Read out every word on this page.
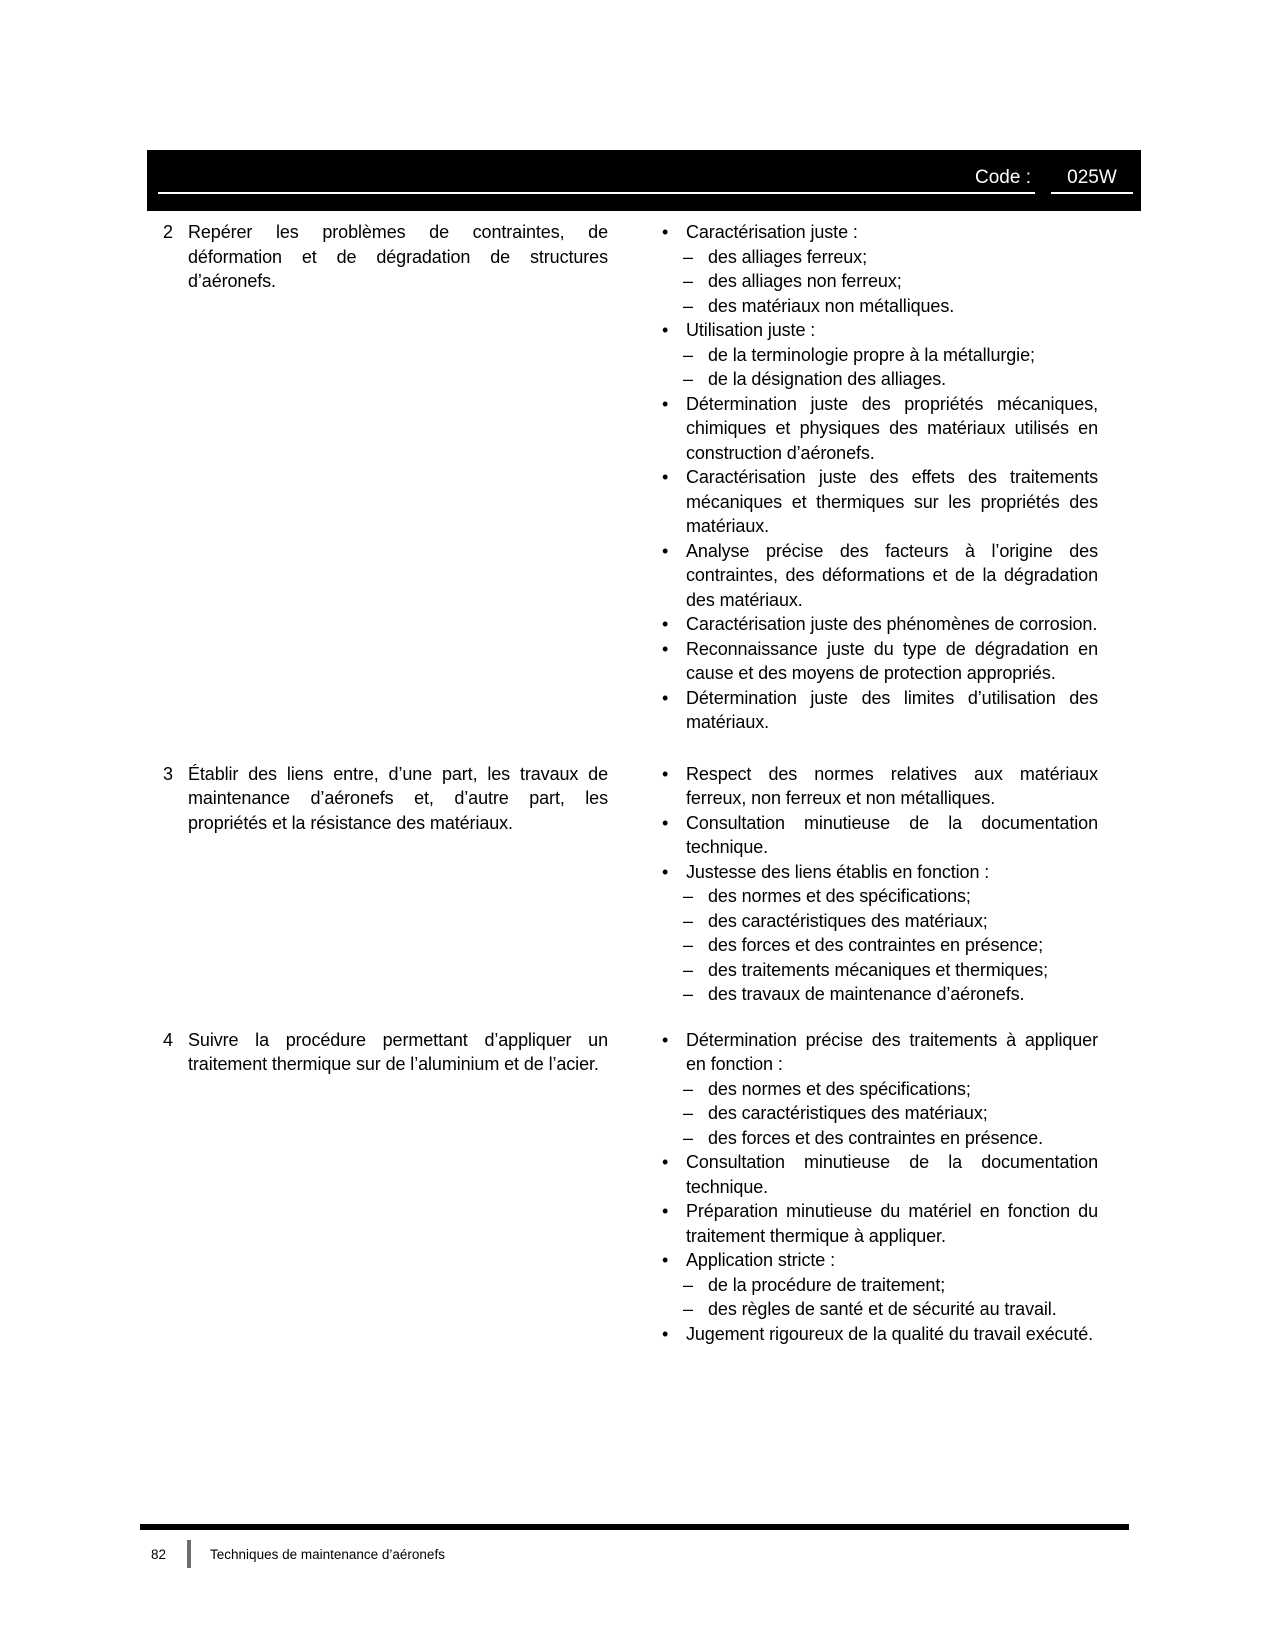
Code :	025W
2 Repérer les problèmes de contraintes, de déformation et de dégradation de structures d’aéronefs.
• Caractérisation juste :
– des alliages ferreux;
– des alliages non ferreux;
– des matériaux non métalliques.
• Utilisation juste :
– de la terminologie propre à la métallurgie;
– de la désignation des alliages.
• Détermination juste des propriétés mécaniques, chimiques et physiques des matériaux utilisés en construction d’aéronefs.
• Caractérisation juste des effets des traitements mécaniques et thermiques sur les propriétés des matériaux.
• Analyse précise des facteurs à l’origine des contraintes, des déformations et de la dégradation des matériaux.
• Caractérisation juste des phénomènes de corrosion.
• Reconnaissance juste du type de dégradation en cause et des moyens de protection appropriés.
• Détermination juste des limites d’utilisation des matériaux.
3 Établir des liens entre, d’une part, les travaux de maintenance d’aéronefs et, d’autre part, les propriétés et la résistance des matériaux.
• Respect des normes relatives aux matériaux ferreux, non ferreux et non métalliques.
• Consultation minutieuse de la documentation technique.
• Justesse des liens établis en fonction :
– des normes et des spécifications;
– des caractéristiques des matériaux;
– des forces et des contraintes en présence;
– des traitements mécaniques et thermiques;
– des travaux de maintenance d’aéronefs.
4 Suivre la procédure permettant d’appliquer un traitement thermique sur de l’aluminium et de l’acier.
• Détermination précise des traitements à appliquer en fonction :
– des normes et des spécifications;
– des caractéristiques des matériaux;
– des forces et des contraintes en présence.
• Consultation minutieuse de la documentation technique.
• Préparation minutieuse du matériel en fonction du traitement thermique à appliquer.
• Application stricte :
– de la procédure de traitement;
– des règles de santé et de sécurité au travail.
• Jugement rigoureux de la qualité du travail exécuté.
82	Techniques de maintenance d’aéronefs
